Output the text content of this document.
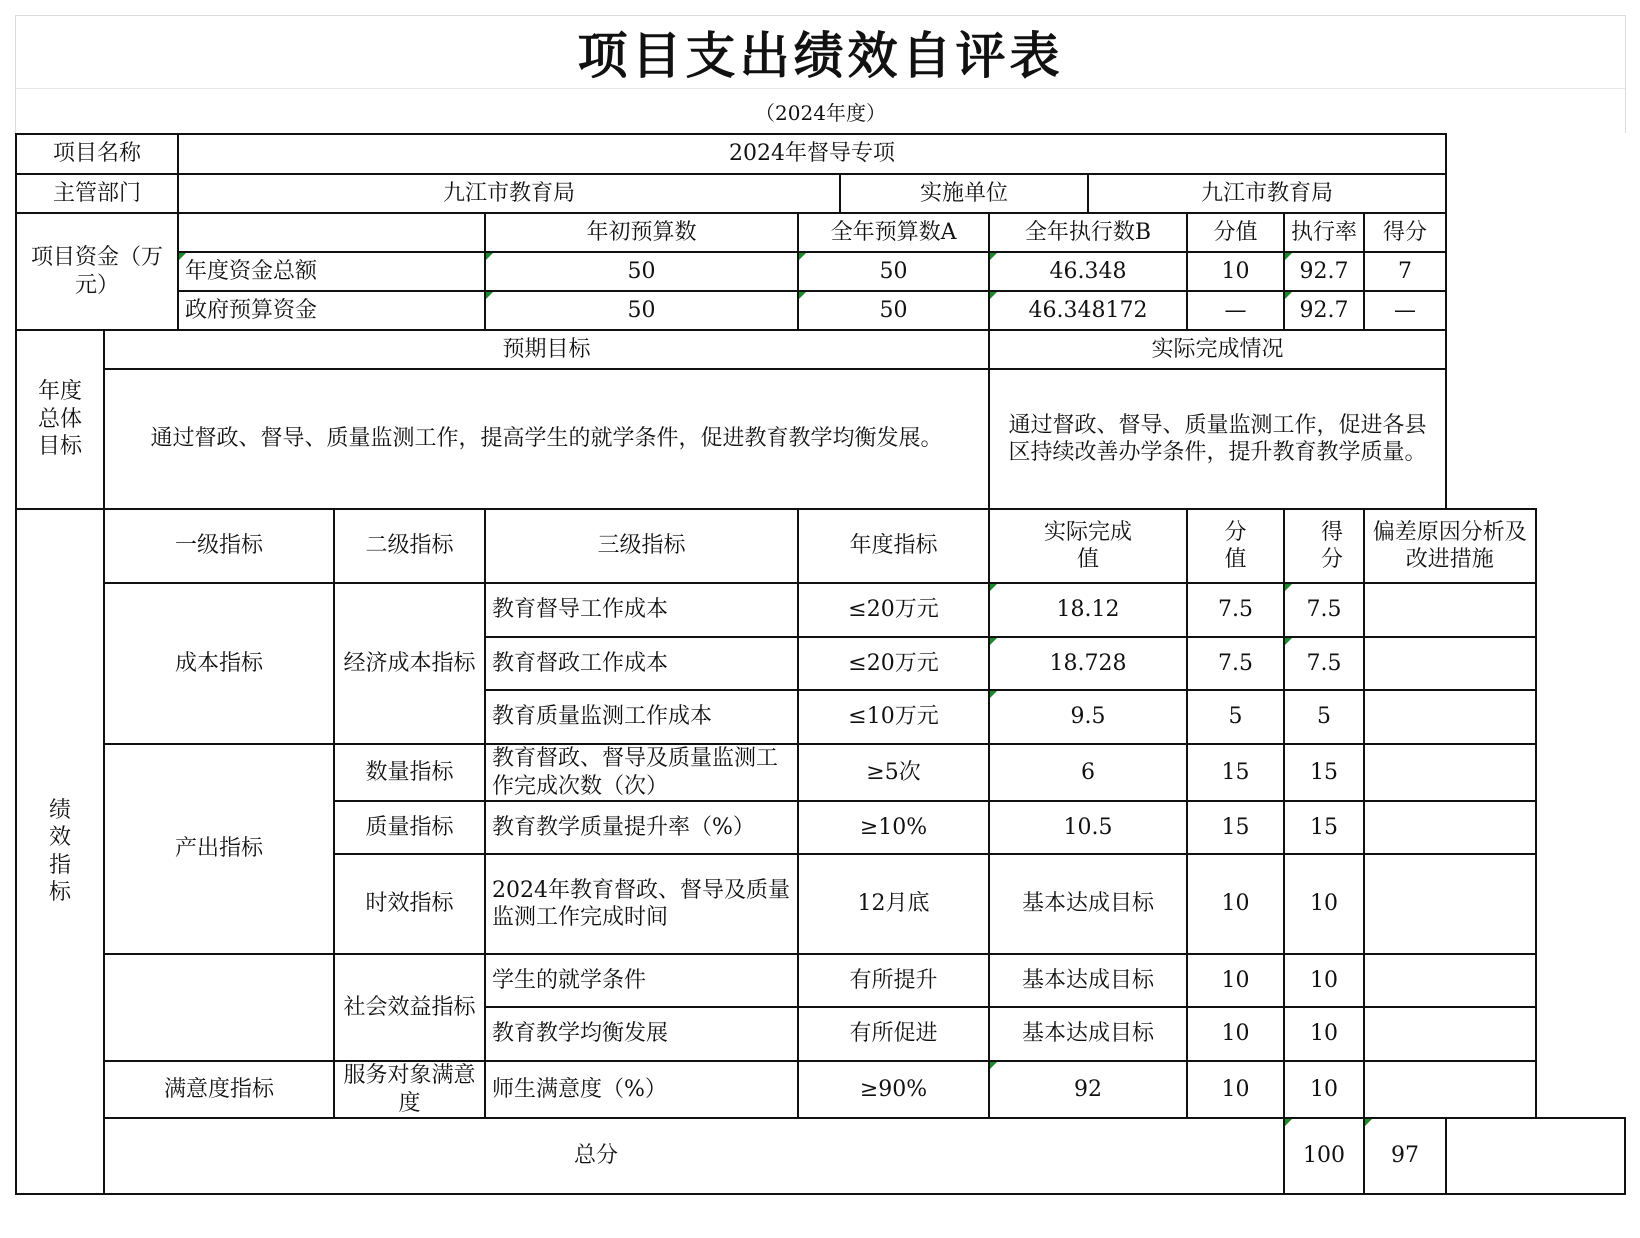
项目支出绩效自评表
（2024年度）
项目名称		2024年督导专项										
主管部门		九江市教育局				实施单位		九江市教育局				
项目资金（万元）				年初预算数	全年预算数A		全年执行数B		分值	执行率	得分	
		年度资金总额		50	50		46.348		10	92.7	7	
		政府预算资金		50	50		46.348172		—	92.7	—	
年度总体目标	预期目标						实际完成情况					
	通过督政、督导、质量监测工作，提高学生的就学条件，促进教育教学均衡发展。						通过督政、督导、质量监测工作，促进各县区持续改善办学条件，提升教育教学质量。					
绩效指标	一级指标		二级指标	三级指标	年度指标		实际完成值		分值	得分	偏差原因分析及改进措施	
	成本指标		经济成本指标	教育督导工作成本	≤20万元		18.12		7.5	7.5		
				教育督政工作成本	≤20万元		18.728		7.5	7.5		
				教育质量监测工作成本	≤10万元		9.5		5	5		
	产出指标		数量指标	教育督政、督导及质量监测工作完成次数（次）	≥5次		6		15	15		
			质量指标	教育教学质量提升率（%）	≥10%		10.5		15	15		
			时效指标	2024年教育督政、督导及质量监测工作完成时间	12月底		基本达成目标		10	10		
			社会效益指标	学生的就学条件	有所提升		基本达成目标		10	10		
				教育教学均衡发展	有所促进		基本达成目标		10	10		
	满意度指标		服务对象满意度	师生满意度（%）	≥90%		92		10	10		
	总分									100	97	
